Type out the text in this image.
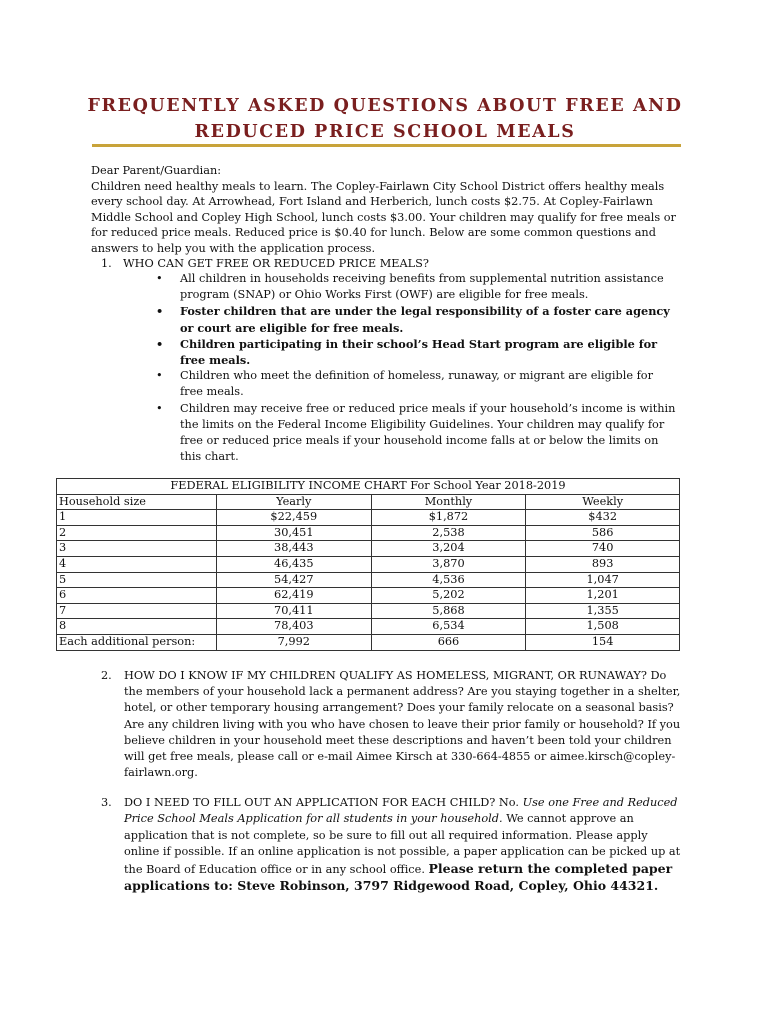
FREQUENTLY ASKED QUESTIONS ABOUT FREE AND
REDUCED PRICE SCHOOL MEALS

Dear Parent/Guardian:

Children need healthy meals to learn. The Copley-Fairlawn City School District offers healthy meals every school day. At Arrowhead, Fort Island and Herberich, lunch costs $2.75. At Copley-Fairlawn Middle School and Copley High School, lunch costs $3.00. Your children may qualify for free meals or for reduced price meals. Reduced price is $0.40 for lunch. Below are some common questions and answers to help you with the application process.

1. WHO CAN GET FREE OR REDUCED PRICE MEALS?
• All children in households receiving benefits from supplemental nutrition assistance program (SNAP) or Ohio Works First (OWF) are eligible for free meals.
• Foster children that are under the legal responsibility of a foster care agency or court are eligible for free meals.
• Children participating in their school’s Head Start program are eligible for free meals.
• Children who meet the definition of homeless, runaway, or migrant are eligible for free meals.
• Children may receive free or reduced price meals if your household’s income is within the limits on the Federal Income Eligibility Guidelines. Your children may qualify for free or reduced price meals if your household income falls at or below the limits on this chart.
FEDERAL ELIGIBILITY INCOME CHART For School Year 2018-2019			
Household size	Yearly	Monthly	Weekly
1	$22,459	$1,872	$432
2	30,451	2,538	586
3	38,443	3,204	740
4	46,435	3,870	893
5	54,427	4,536	1,047
6	62,419	5,202	1,201
7	70,411	5,868	1,355
8	78,403	6,534	1,508
Each additional person:	7,992	666	154
2. HOW DO I KNOW IF MY CHILDREN QUALIFY AS HOMELESS, MIGRANT, OR RUNAWAY? Do the members of your household lack a permanent address? Are you staying together in a shelter, hotel, or other temporary housing arrangement? Does your family relocate on a seasonal basis? Are any children living with you who have chosen to leave their prior family or household? If you believe children in your household meet these descriptions and haven’t been told your children will get free meals, please call or e-mail Aimee Kirsch at 330-664-4855 or aimee.kirsch@copley-fairlawn.org.
3. DO I NEED TO FILL OUT AN APPLICATION FOR EACH CHILD? No. Use one Free and Reduced Price School Meals Application for all students in your household. We cannot approve an application that is not complete, so be sure to fill out all required information. Please apply online if possible. If an online application is not possible, a paper application can be picked up at the Board of Education office or in any school office. Please return the completed paper applications to: Steve Robinson, 3797 Ridgewood Road, Copley, Ohio 44321.
